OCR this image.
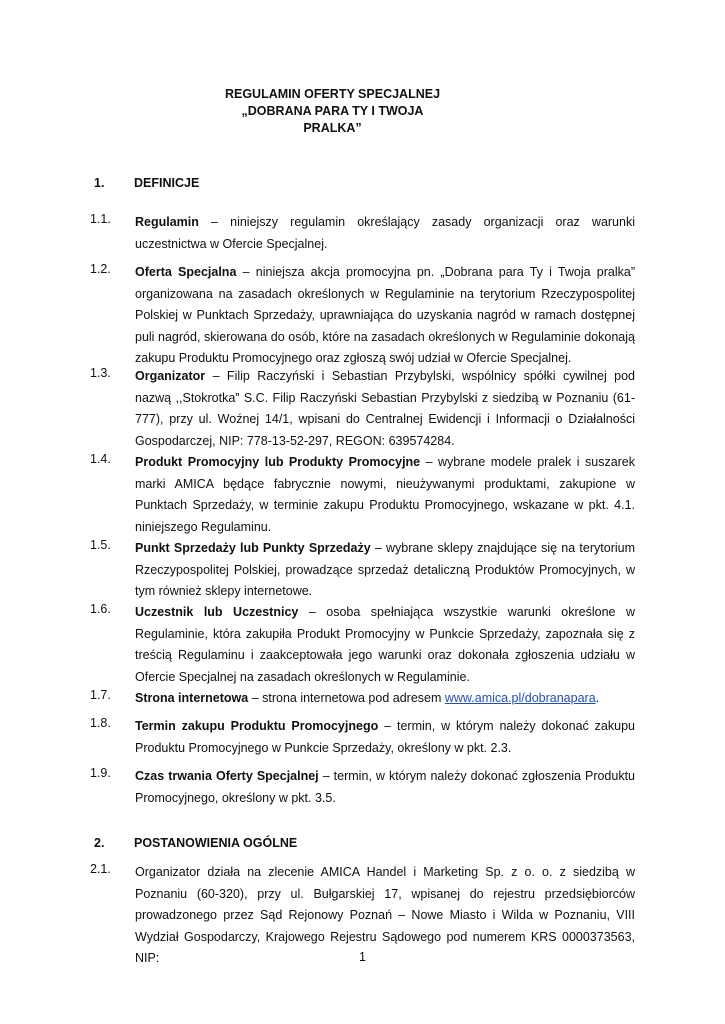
REGULAMIN OFERTY SPECJALNEJ
„DOBRANA PARA TY I TWOJA
PRALKA”
1. DEFINICJE
1.1. Regulamin – niniejszy regulamin określający zasady organizacji oraz warunki uczestnictwa w Ofercie Specjalnej.
1.2. Oferta Specjalna – niniejsza akcja promocyjna pn. „Dobrana para Ty i Twoja pralka” organizowana na zasadach określonych w Regulaminie na terytorium Rzeczypospolitej Polskiej w Punktach Sprzedaży, uprawniająca do uzyskania nagród w ramach dostępnej puli nagród, skierowana do osób, które na zasadach określonych w Regulaminie dokonają zakupu Produktu Promocyjnego oraz zgłoszą swój udział w Ofercie Specjalnej.
1.3. Organizator – Filip Raczyński i Sebastian Przybylski, wspólnicy spółki cywilnej pod nazwą ,,Stokrotka” S.C. Filip Raczyński Sebastian Przybylski z siedzibą w Poznaniu (61- 777), przy ul. Woźnej 14/1, wpisani do Centralnej Ewidencji i Informacji o Działalności Gospodarczej, NIP: 778-13-52-297, REGON: 639574284.
1.4. Produkt Promocyjny lub Produkty Promocyjne – wybrane modele pralek i suszarek marki AMICA będące fabrycznie nowymi, nieużywanymi produktami, zakupione w Punktach Sprzedaży, w terminie zakupu Produktu Promocyjnego, wskazane w pkt. 4.1. niniejszego Regulaminu.
1.5. Punkt Sprzedaży lub Punkty Sprzedaży – wybrane sklepy znajdujące się na terytorium Rzeczypospolitej Polskiej, prowadzące sprzedaż detaliczną Produktów Promocyjnych, w tym również sklepy internetowe.
1.6. Uczestnik lub Uczestnicy – osoba spełniająca wszystkie warunki określone w Regulaminie, która zakupiła Produkt Promocyjny w Punkcie Sprzedaży, zapoznała się z treścią Regulaminu i zaakceptowała jego warunki oraz dokonała zgłoszenia udziału w Ofercie Specjalnej na zasadach określonych w Regulaminie.
1.7. Strona internetowa – strona internetowa pod adresem www.amica.pl/dobranapara.
1.8. Termin zakupu Produktu Promocyjnego – termin, w którym należy dokonać zakupu Produktu Promocyjnego w Punkcie Sprzedaży, określony w pkt. 2.3.
1.9. Czas trwania Oferty Specjalnej – termin, w którym należy dokonać zgłoszenia Produktu Promocyjnego, określony w pkt. 3.5.
2. POSTANOWIENIA OGÓLNE
2.1. Organizator działa na zlecenie AMICA Handel i Marketing Sp. z o. o. z siedzibą w Poznaniu (60-320), przy ul. Bułgarskiej 17, wpisanej do rejestru przedsiębiorców prowadzonego przez Sąd Rejonowy Poznań – Nowe Miasto i Wilda w Poznaniu, VIII Wydział Gospodarczy, Krajowego Rejestru Sądowego pod numerem KRS 0000373563, NIP:	1
